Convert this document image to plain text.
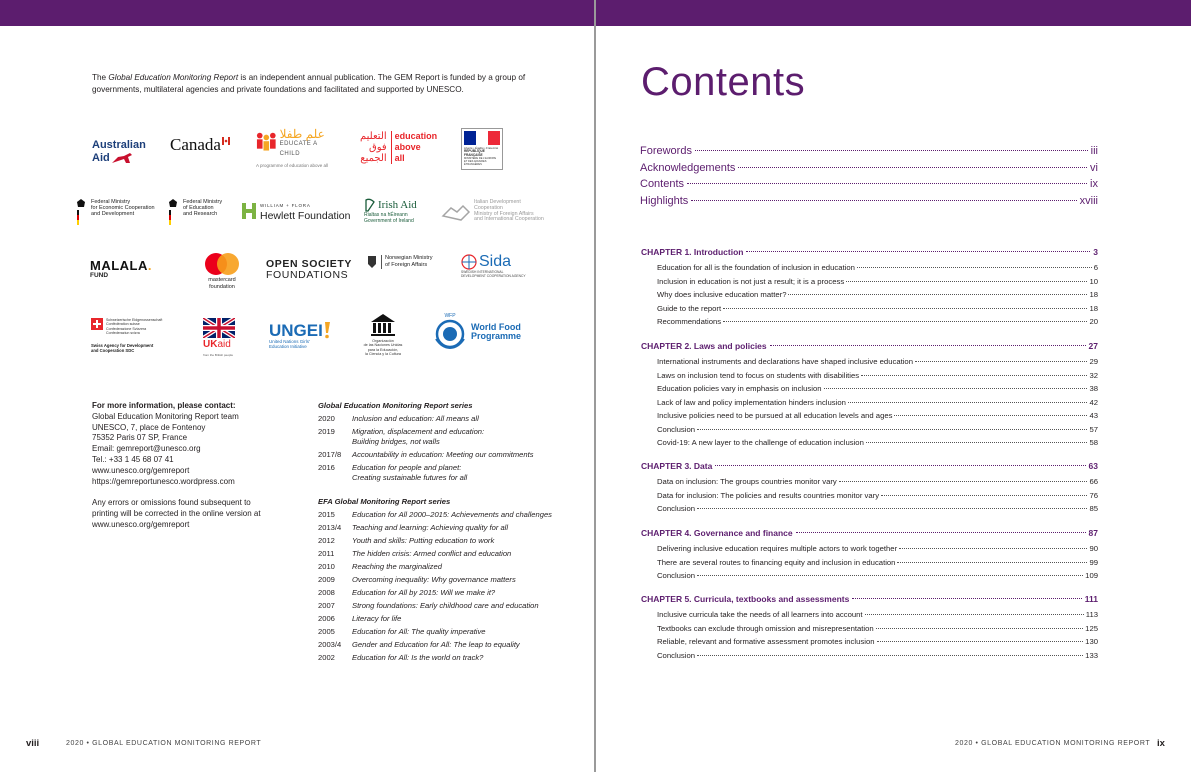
The Global Education Monitoring Report is an independent annual publication. The GEM Report is funded by a group of governments, multilateral agencies and private foundations and facilitated and supported by UNESCO.
Australian
Aid
Canada
علم طفلا
EDUCATE A CHILD
A programme of education above all
التعليم
فوق
الجميع
education
above
all
Liberté • Égalité • Fraternité
RÉPUBLIQUE FRANÇAISE
MINISTÈRE DE L'EUROPE ET DES AFFAIRES ÉTRANGÈRES
Federal Ministry
for Economic Cooperation
and Development
Federal Ministry
of Education
and Research
WILLIAM + FLORA
Hewlett Foundation
Irish Aid
Rialtas na hÉireann
Government of Ireland
Italian Development
Cooperation
Ministry of Foreign Affairs
and International Cooperation
MALALA.
FUND
mastercard
foundation
OPEN SOCIETY
FOUNDATIONS
Norwegian Ministry
of Foreign Affairs	Sida
SWEDISH INTERNATIONAL
DEVELOPMENT COOPERATION AGENCY
Schweizerische Eidgenossenschaft
Confédération suisse
Confederazione Svizzera
Confederaziun svizra
Swiss Agency for Development
and Cooperation SDC
UKaid
from the British people
UNGEI
United Nations Girls'
Education Initiative
Organización
de las Naciones Unidas
para la Educación,
la Ciencia y la Cultura
WFP
World Food
Programme
For more information, please contact:
Global Education Monitoring Report team
UNESCO, 7, place de Fontenoy
75352 Paris 07 SP, France
Email: gemreport@unesco.org
Tel.: +33 1 45 68 07 41
www.unesco.org/gemreport
https://gemreportunesco.wordpress.com
Any errors or omissions found subsequent to
printing will be corrected in the online version at
www.unesco.org/gemreport
Global Education Monitoring Report series
2020	Inclusion and education: All means all
2019	Migration, displacement and education:
Building bridges, not walls
2017/8	Accountability in education: Meeting our commitments
2016	Education for people and planet:
Creating sustainable futures for all
EFA Global Monitoring Report series
2015	Education for All 2000–2015: Achievements and challenges
2013/4	Teaching and learning: Achieving quality for all
2012	Youth and skills: Putting education to work
2011	The hidden crisis: Armed conflict and education
2010	Reaching the marginalized
2009	Overcoming inequality: Why governance matters
2008	Education for All by 2015: Will we make it?
2007	Strong foundations: Early childhood care and education
2006	Literacy for life
2005	Education for All: The quality imperative
2003/4	Gender and Education for All: The leap to equality
2002	Education for All: Is the world on track?
viii	2020 • GLOBAL EDUCATION MONITORING REPORT
Contents
Forewords	iii
Acknowledgements	vi
Contents	ix
Highlights	xviii
CHAPTER 1. Introduction	3
Education for all is the foundation of inclusion in education	6
Inclusion in education is not just a result; it is a process	10
Why does inclusive education matter?	18
Guide to the report	18
Recommendations	20
CHAPTER 2. Laws and policies	27
International instruments and declarations have shaped inclusive education	29
Laws on inclusion tend to focus on students with disabilities	32
Education policies vary in emphasis on inclusion	38
Lack of law and policy implementation hinders inclusion	42
Inclusive policies need to be pursued at all education levels and ages	43
Conclusion	57
Covid-19: A new layer to the challenge of education inclusion	58
CHAPTER 3. Data	63
Data on inclusion: The groups countries monitor vary	66
Data for inclusion: The policies and results countries monitor vary	76
Conclusion	85
CHAPTER 4. Governance and finance	87
Delivering inclusive education requires multiple actors to work together	90
There are several routes to financing equity and inclusion in education	99
Conclusion	109
CHAPTER 5. Curricula, textbooks and assessments	111
Inclusive curricula take the needs of all learners into account	113
Textbooks can exclude through omission and misrepresentation	125
Reliable, relevant and formative assessment promotes inclusion	130
Conclusion	133
2020 • GLOBAL EDUCATION MONITORING REPORT ix
